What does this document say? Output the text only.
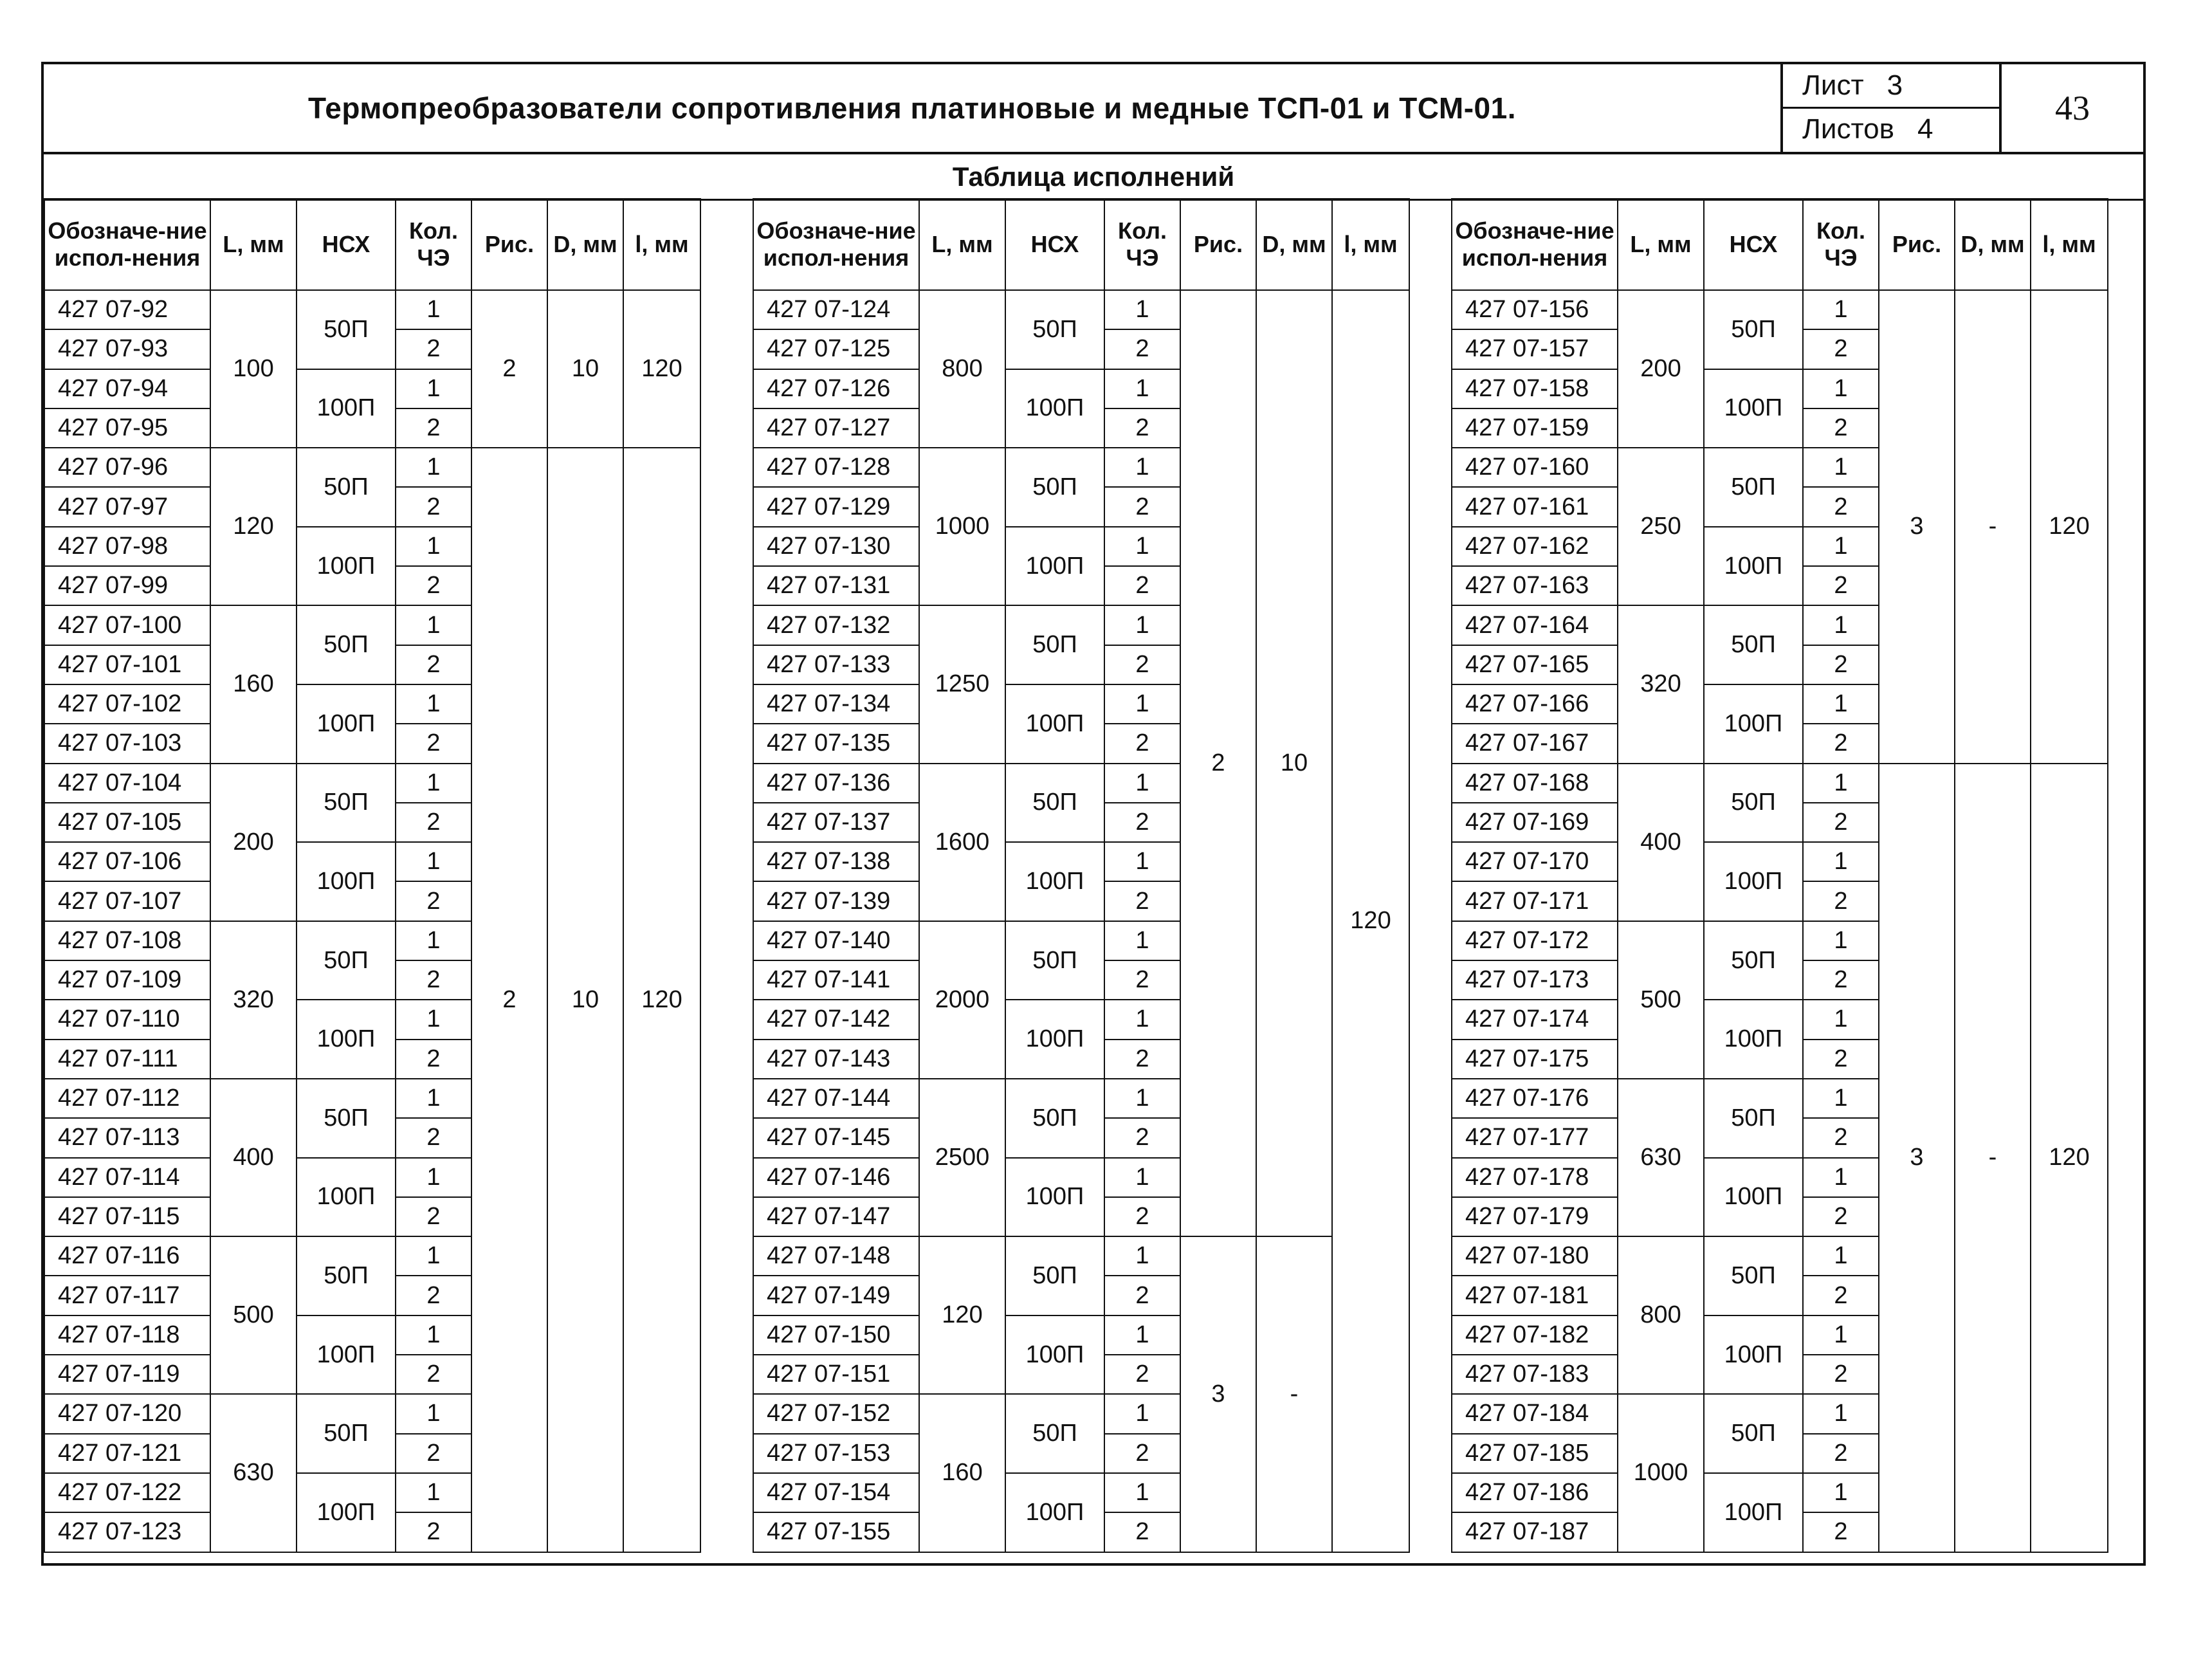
Термопреобразователи сопротивления платиновые и медные ТСП-01 и ТСМ-01.
Лист 3
Листов 4
43
Таблица исполнений
Обозначе-ние испол-нения	L, мм	НСХ	Кол. ЧЭ	Рис.	D, мм	l, мм
427 07-92	100	50П	1	2	10	120
427 07-93			2			
427 07-94		100П	1			
427 07-95			2			
427 07-96	120	50П	1	2	10	120
427 07-97			2			
427 07-98		100П	1			
427 07-99			2			
427 07-100	160	50П	1			
427 07-101			2			
427 07-102		100П	1			
427 07-103			2			
427 07-104	200	50П	1			
427 07-105			2			
427 07-106		100П	1			
427 07-107			2			
427 07-108	320	50П	1			
427 07-109			2			
427 07-110		100П	1			
427 07-111			2			
427 07-112	400	50П	1			
427 07-113			2			
427 07-114		100П	1			
427 07-115			2			
427 07-116	500	50П	1			
427 07-117			2			
427 07-118		100П	1			
427 07-119			2			
427 07-120	630	50П	1			
427 07-121			2			
427 07-122		100П	1			
427 07-123			2			
Обозначе-ние испол-нения	L, мм	НСХ	Кол. ЧЭ	Рис.	D, мм	l, мм
427 07-124	800	50П	1	2	10	120
427 07-125			2			
427 07-126		100П	1			
427 07-127			2			
427 07-128	1000	50П	1			
427 07-129			2			
427 07-130		100П	1			
427 07-131			2			
427 07-132	1250	50П	1			
427 07-133			2			
427 07-134		100П	1			
427 07-135			2			
427 07-136	1600	50П	1			
427 07-137			2			
427 07-138		100П	1			
427 07-139			2			
427 07-140	2000	50П	1			
427 07-141			2			
427 07-142		100П	1			
427 07-143			2			
427 07-144	2500	50П	1			
427 07-145			2			
427 07-146		100П	1			
427 07-147			2			
427 07-148	120	50П	1	3	-	
427 07-149			2			
427 07-150		100П	1			
427 07-151			2			
427 07-152	160	50П	1			
427 07-153			2			
427 07-154		100П	1			
427 07-155			2			
Обозначе-ние испол-нения	L, мм	НСХ	Кол. ЧЭ	Рис.	D, мм	l, мм
427 07-156	200	50П	1	3	-	120
427 07-157			2			
427 07-158		100П	1			
427 07-159			2			
427 07-160	250	50П	1			
427 07-161			2			
427 07-162		100П	1			
427 07-163			2			
427 07-164	320	50П	1			
427 07-165			2			
427 07-166		100П	1			
427 07-167			2			
427 07-168	400	50П	1	3	-	120
427 07-169			2			
427 07-170		100П	1			
427 07-171			2			
427 07-172	500	50П	1			
427 07-173			2			
427 07-174		100П	1			
427 07-175			2			
427 07-176	630	50П	1			
427 07-177			2			
427 07-178		100П	1			
427 07-179			2			
427 07-180	800	50П	1			
427 07-181			2			
427 07-182		100П	1			
427 07-183			2			
427 07-184	1000	50П	1			
427 07-185			2			
427 07-186		100П	1			
427 07-187			2			
